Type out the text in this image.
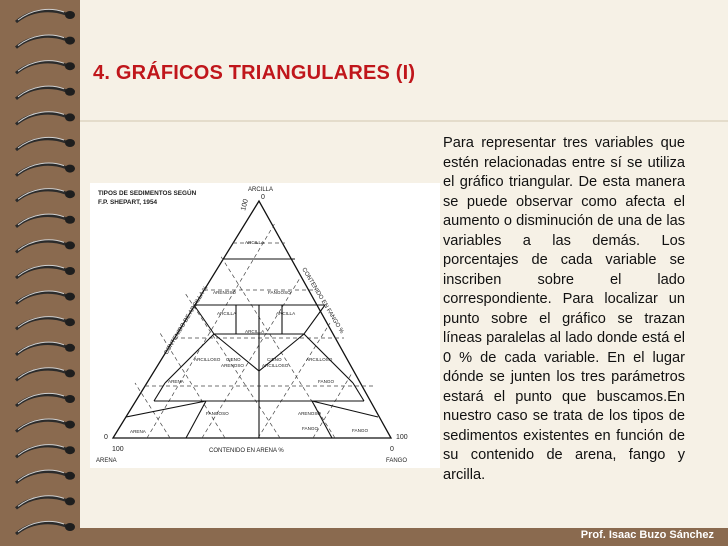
4. GRÁFICOS TRIANGULARES (I)
TIPOS DE SEDIMENTOS SEGÚN
F.P. SHEPART, 1954
ARCILLA
100
0
0
100
ARENA
0
100
FANGO
CONTENIDO DE ARCILLA %	CONTENIDO EN FANGO %
CONTENIDO EN ARENA %
ARCILLA
ARENOSO	FANGOSO
ARCILLA	ARCILLA
ARCILLA
ARCILLOSO	ARCILLOSO
CIENO ARENOSO
CIENO ARCILLOSO
ARENA	FANGO
FANGOSO	ARENOSO
ARENA
FANGO	FANGO
Para representar tres variables que estén relacionadas entre sí se utiliza el gráfico triangular. De esta manera se puede observar como afecta el aumento o disminución de una de las variables a las demás. Los porcentajes de cada variable se inscriben sobre el lado correspondiente. Para localizar un punto sobre el gráfico se trazan líneas paralelas al lado donde está el 0 % de cada variable. En el lugar dónde se junten los tres parámetros estará el punto que buscamos.En nuestro caso se trata de los tipos de sedimentos existentes en función de su contenido de arena, fango y arcilla.
Prof. Isaac Buzo Sánchez
